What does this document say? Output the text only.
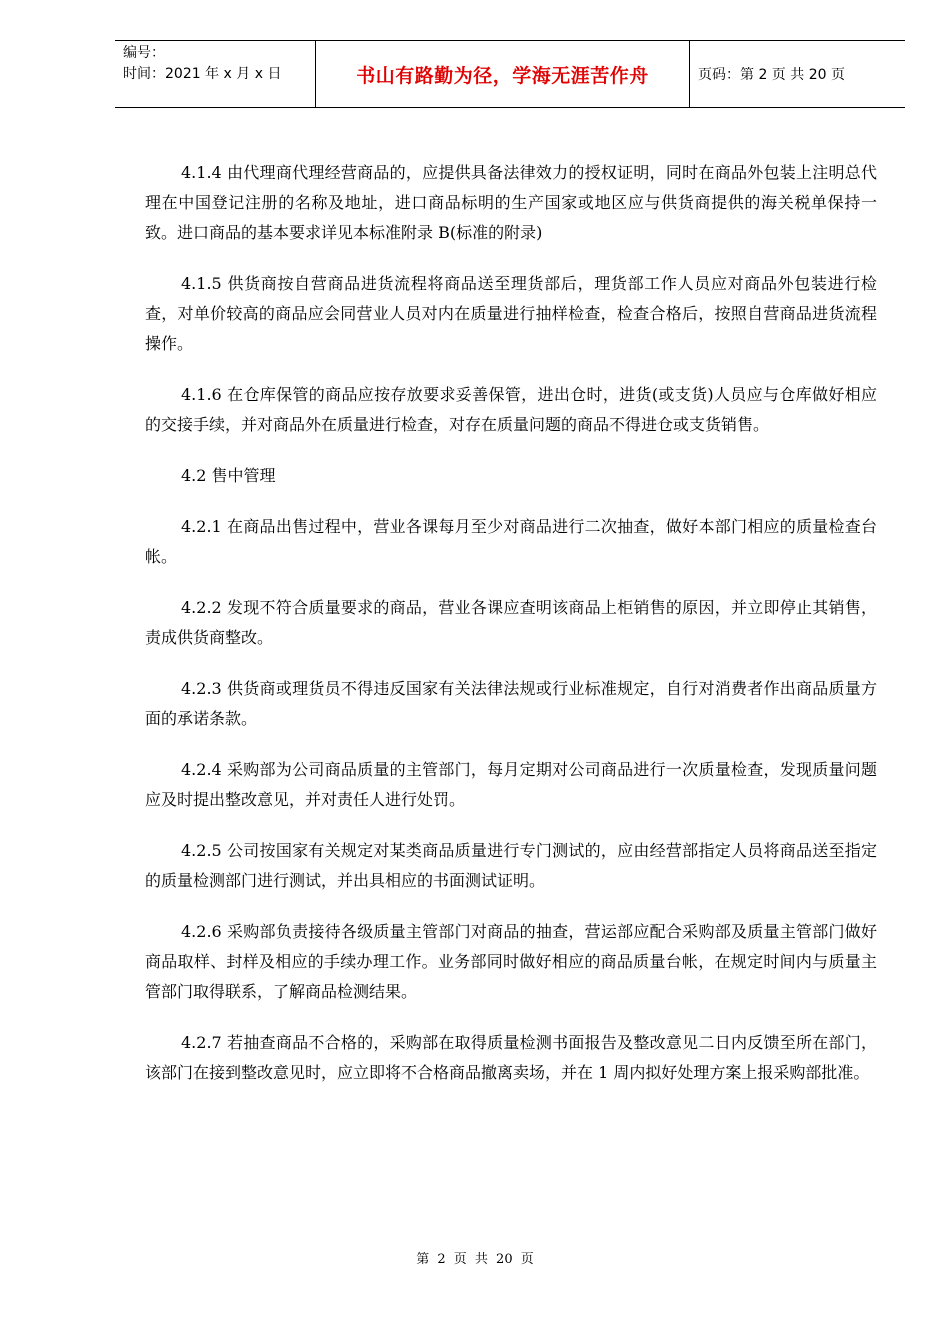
编号：
时间：2021 年 x 月 x 日	书山有路勤为径，学海无涯苦作舟	页码：第 2 页 共 20 页

4.1.4 由代理商代理经营商品的，应提供具备法律效力的授权证明，同时在商品外包装上注明总代理在中国登记注册的名称及地址，进口商品标明的生产国家或地区应与供货商提供的海关税单保持一致。进口商品的基本要求详见本标准附录 B(标准的附录)

4.1.5 供货商按自营商品进货流程将商品送至理货部后，理货部工作人员应对商品外包装进行检查，对单价较高的商品应会同营业人员对内在质量进行抽样检查，检查合格后，按照自营商品进货流程操作。

4.1.6 在仓库保管的商品应按存放要求妥善保管，进出仓时，进货(或支货)人员应与仓库做好相应的交接手续，并对商品外在质量进行检查，对存在质量问题的商品不得进仓或支货销售。

4.2 售中管理

4.2.1 在商品出售过程中，营业各课每月至少对商品进行二次抽查，做好本部门相应的质量检查台帐。

4.2.2 发现不符合质量要求的商品，营业各课应查明该商品上柜销售的原因，并立即停止其销售，责成供货商整改。

4.2.3 供货商或理货员不得违反国家有关法律法规或行业标准规定，自行对消费者作出商品质量方面的承诺条款。

4.2.4 采购部为公司商品质量的主管部门，每月定期对公司商品进行一次质量检查，发现质量问题应及时提出整改意见，并对责任人进行处罚。

4.2.5 公司按国家有关规定对某类商品质量进行专门测试的，应由经营部指定人员将商品送至指定的质量检测部门进行测试，并出具相应的书面测试证明。

4.2.6 采购部负责接待各级质量主管部门对商品的抽查，营运部应配合采购部及质量主管部门做好商品取样、封样及相应的手续办理工作。业务部同时做好相应的商品质量台帐，在规定时间内与质量主管部门取得联系，了解商品检测结果。

4.2.7 若抽查商品不合格的，采购部在取得质量检测书面报告及整改意见二日内反馈至所在部门，该部门在接到整改意见时，应立即将不合格商品撤离卖场，并在 1 周内拟好处理方案上报采购部批准。

第 2 页 共 20 页
